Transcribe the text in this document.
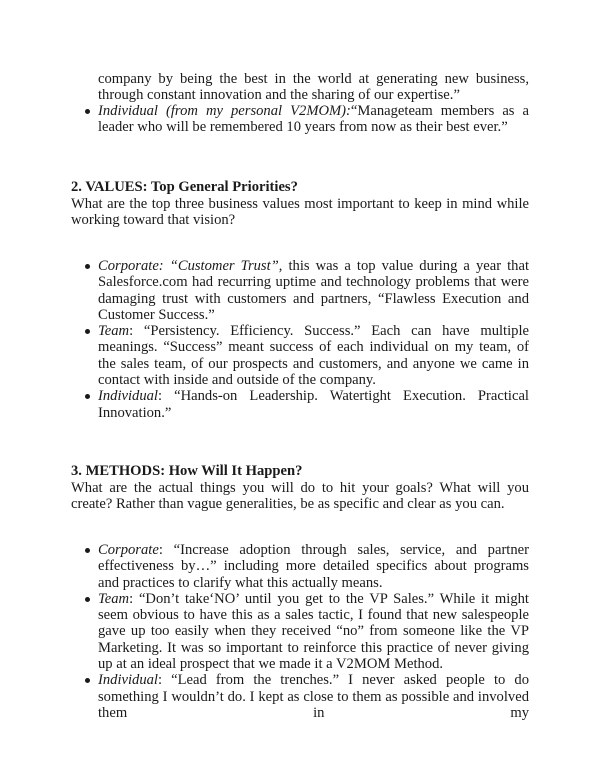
company by being the best in the world at generating new business, through constant innovation and the sharing of our expertise.”
Individual (from my personal V2MOM):“Manageteam members as a leader who will be remembered 10 years from now as their best ever.”
2. VALUES: Top General Priorities?
What are the top three business values most important to keep in mind while working toward that vision?
Corporate: “Customer Trust”, this was a top value during a year that Salesforce.com had recurring uptime and technology problems that were damaging trust with customers and partners, “Flawless Execution and Customer Success.”
Team: “Persistency. Efficiency. Success.” Each can have multiple meanings. “Success” meant success of each individual on my team, of the sales team, of our prospects and customers, and anyone we came in contact with inside and outside of the company.
Individual: “Hands-on Leadership. Watertight Execution. Practical Innovation.”
3. METHODS: How Will It Happen?
What are the actual things you will do to hit your goals? What will you create? Rather than vague generalities, be as specific and clear as you can.
Corporate: “Increase adoption through sales, service, and partner effectiveness by…” including more detailed specifics about programs and practices to clarify what this actually means.
Team: “Don’t take‘NO’ until you get to the VP Sales.” While it might seem obvious to have this as a sales tactic, I found that new salespeople gave up too easily when they received “no” from someone like the VP Marketing. It was so important to reinforce this practice of never giving up at an ideal prospect that we made it a V2MOM Method.
Individual: “Lead from the trenches.” I never asked people to do something I wouldn’t do. I kept as close to them as possible and involved them in my
